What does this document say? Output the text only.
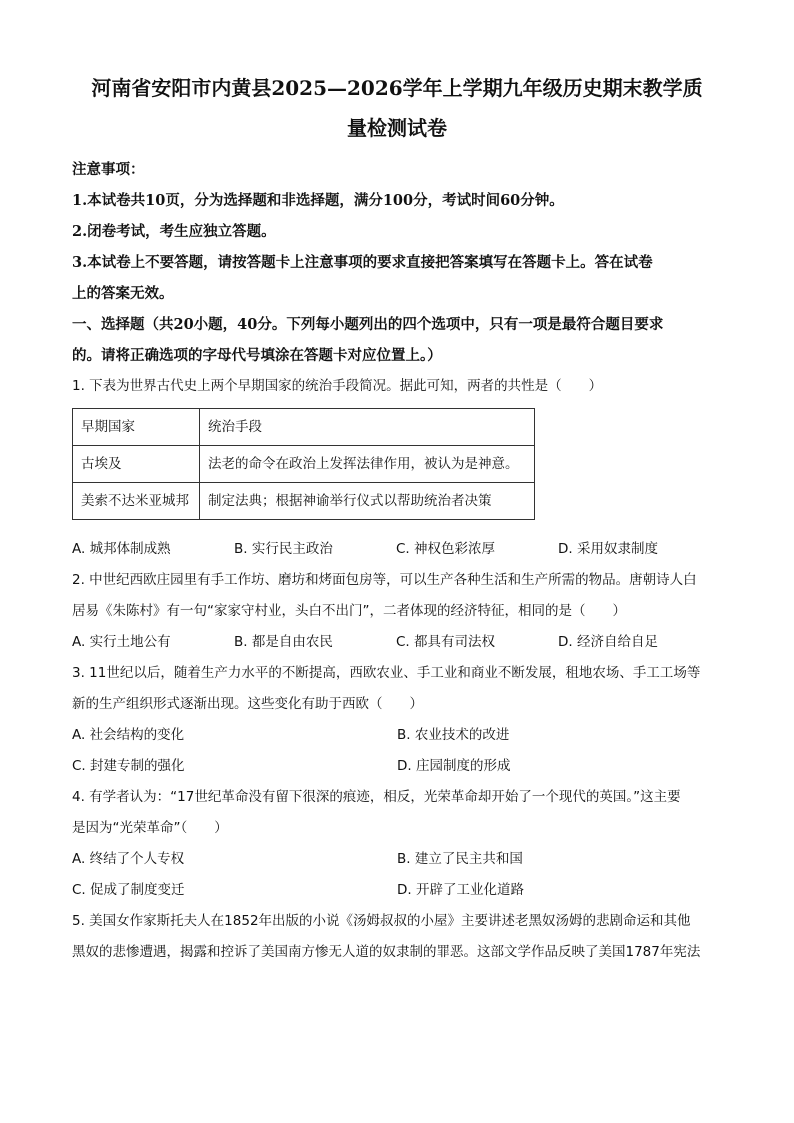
河南省安阳市内黄县2025—2026学年上学期九年级历史期末教学质

量检测试卷

注意事项：

1.本试卷共10页，分为选择题和非选择题，满分100分，考试时间60分钟。

2.闭卷考试，考生应独立答题。

3.本试卷上不要答题，请按答题卡上注意事项的要求直接把答案填写在答题卡上。答在试卷

上的答案无效。

一、选择题（共20小题，40分。下列每小题列出的四个选项中，只有一项是最符合题目要求

的。请将正确选项的字母代号填涂在答题卡对应位置上。）

1. 下表为世界古代史上两个早期国家的统治手段简况。据此可知，两者的共性是（　　）

早期国家	统治手段
古埃及	法老的命令在政治上发挥法律作用，被认为是神意。
美索不达米亚城邦	制定法典；根据神谕举行仪式以帮助统治者决策
A. 城邦体制成熟	B. 实行民主政治	C. 神权色彩浓厚	D. 采用奴隶制度

2. 中世纪西欧庄园里有手工作坊、磨坊和烤面包房等，可以生产各种生活和生产所需的物品。唐朝诗人白

居易《朱陈村》有一句“家家守村业，头白不出门”，二者体现的经济特征，相同的是（　　）

A. 实行土地公有	B. 都是自由农民	C. 都具有司法权	D. 经济自给自足

3. 11世纪以后，随着生产力水平的不断提高，西欧农业、手工业和商业不断发展，租地农场、手工工场等

新的生产组织形式逐渐出现。这些变化有助于西欧（　　）

A. 社会结构的变化	B. 农业技术的改进
C. 封建专制的强化	D. 庄园制度的形成

4. 有学者认为：“17世纪革命没有留下很深的痕迹，相反，光荣革命却开始了一个现代的英国。”这主要

是因为“光荣革命”（　　）

A. 终结了个人专权	B. 建立了民主共和国
C. 促成了制度变迁	D. 开辟了工业化道路

5. 美国女作家斯托夫人在1852年出版的小说《汤姆叔叔的小屋》主要讲述老黑奴汤姆的悲剧命运和其他

黑奴的悲惨遭遇，揭露和控诉了美国南方惨无人道的奴隶制的罪恶。这部文学作品反映了美国1787年宪法
